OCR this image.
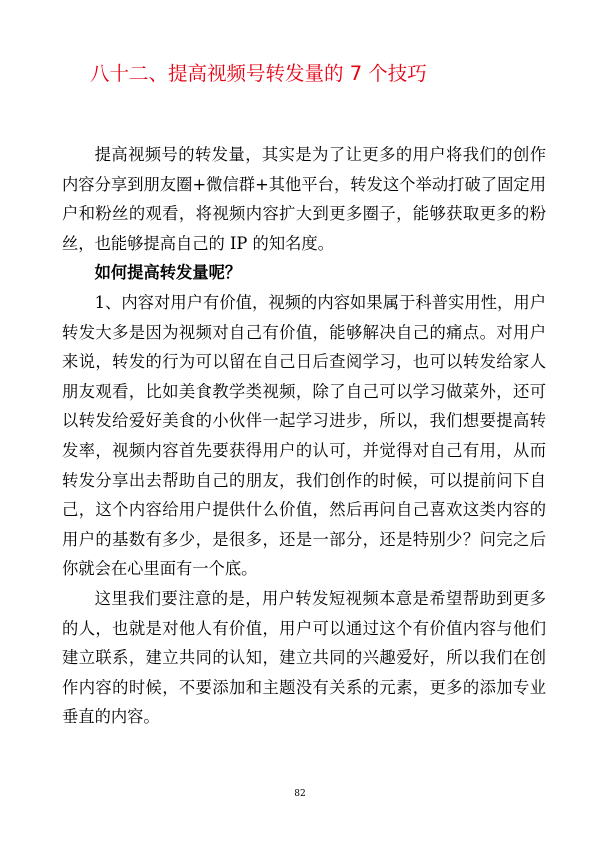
八十二、提高视频号转发量的 7 个技巧

提高视频号的转发量，其实是为了让更多的用户将我们的创作内容分享到朋友圈+微信群+其他平台，转发这个举动打破了固定用户和粉丝的观看，将视频内容扩大到更多圈子，能够获取更多的粉丝，也能够提高自己的 IP 的知名度。

如何提高转发量呢？

1、内容对用户有价值，视频的内容如果属于科普实用性，用户转发大多是因为视频对自己有价值，能够解决自己的痛点。对用户来说，转发的行为可以留在自己日后查阅学习，也可以转发给家人朋友观看，比如美食教学类视频，除了自己可以学习做菜外，还可以转发给爱好美食的小伙伴一起学习进步，所以，我们想要提高转发率，视频内容首先要获得用户的认可，并觉得对自己有用，从而转发分享出去帮助自己的朋友，我们创作的时候，可以提前问下自己，这个内容给用户提供什么价值，然后再问自己喜欢这类内容的用户的基数有多少，是很多，还是一部分，还是特别少？问完之后你就会在心里面有一个底。

这里我们要注意的是，用户转发短视频本意是希望帮助到更多的人，也就是对他人有价值，用户可以通过这个有价值内容与他们建立联系，建立共同的认知，建立共同的兴趣爱好，所以我们在创作内容的时候，不要添加和主题没有关系的元素，更多的添加专业垂直的内容。

82
